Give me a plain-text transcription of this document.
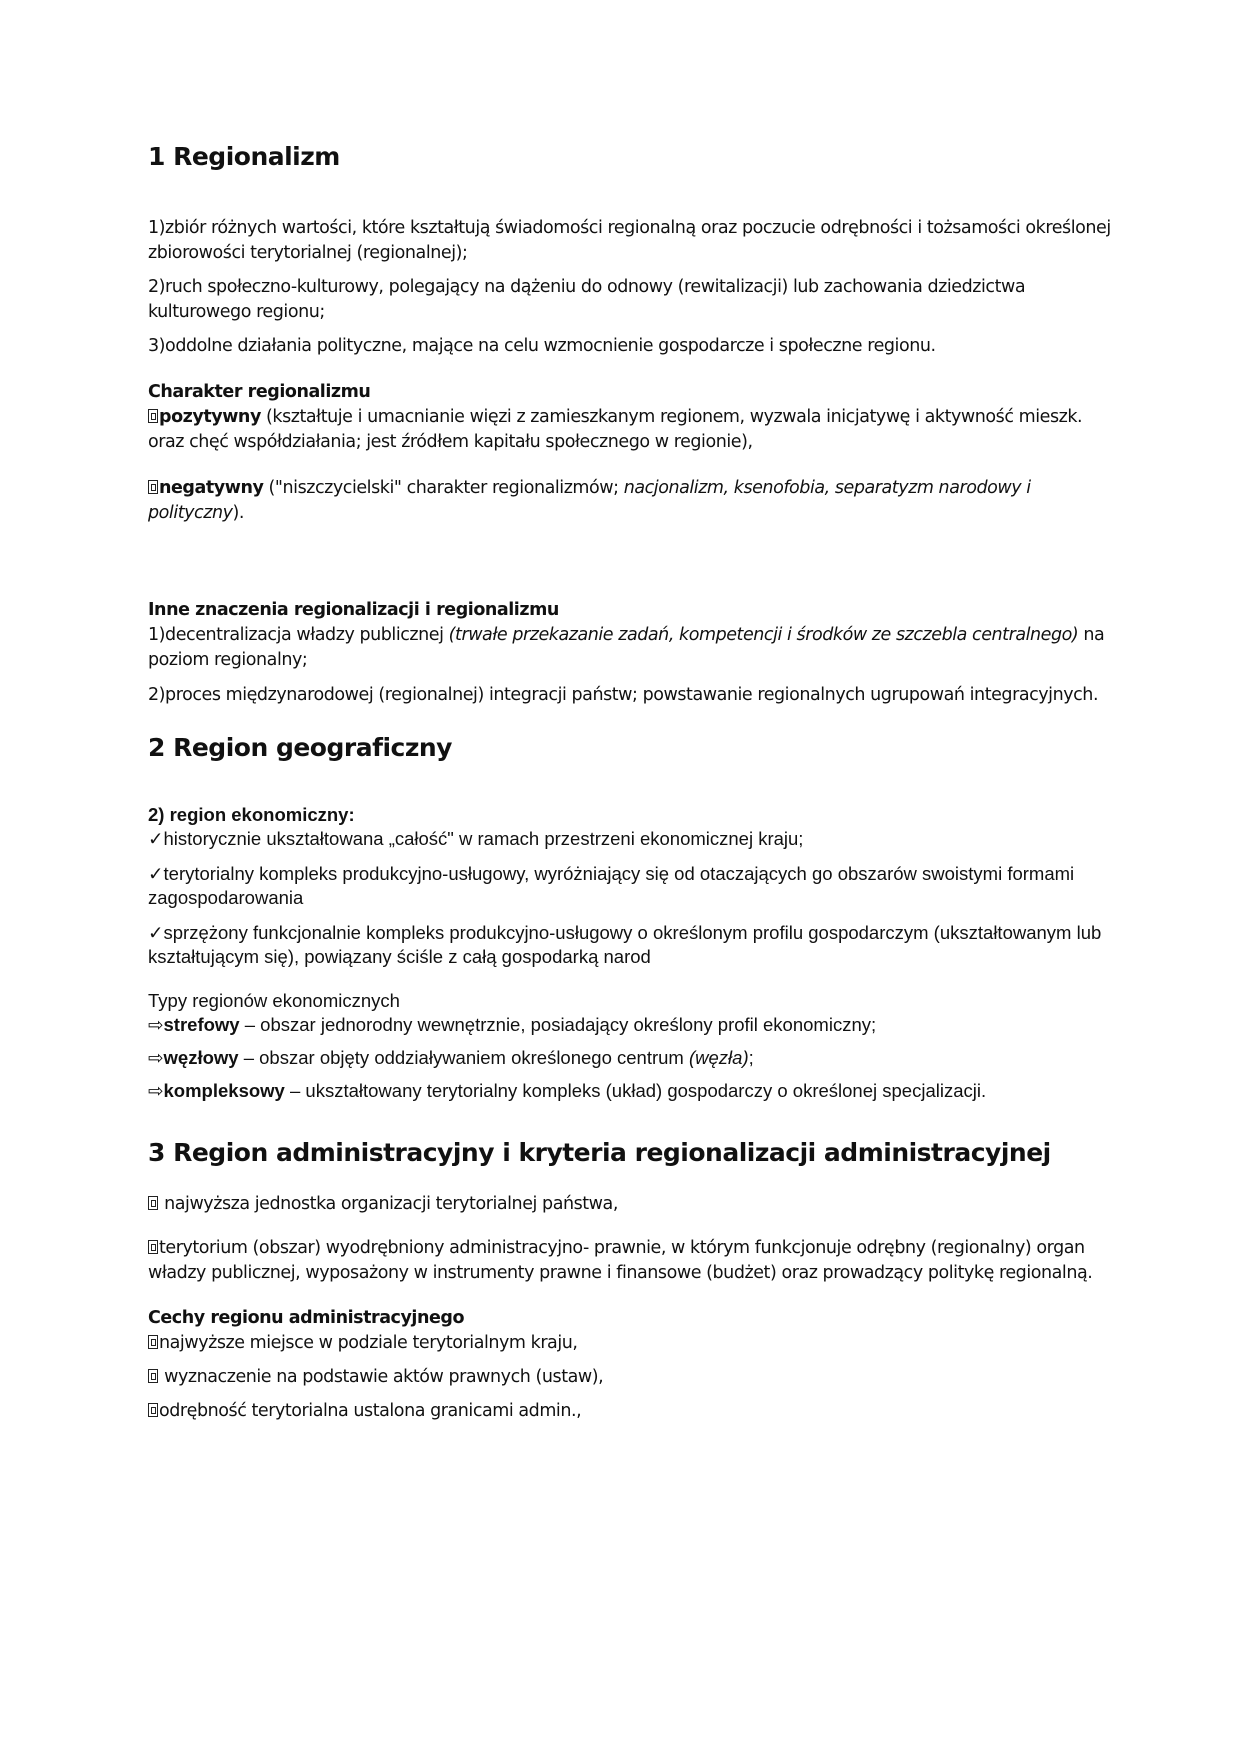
1 Regionalizm

1)zbiór różnych wartości, które kształtują świadomości regionalną oraz poczucie odrębności i tożsamości określonej zbiorowości terytorialnej (regionalnej);

2)ruch społeczno-kulturowy, polegający na dążeniu do odnowy (rewitalizacji) lub zachowania dziedzictwa kulturowego regionu;

3)oddolne działania polityczne, mające na celu wzmocnienie gospodarcze i społeczne regionu.

Charakter regionalizmu

pozytywny (kształtuje i umacnianie więzi z zamieszkanym regionem, wyzwala inicjatywę i aktywność mieszk. oraz chęć współdziałania; jest źródłem kapitału społecznego w regionie),

negatywny ("niszczycielski" charakter regionalizmów; nacjonalizm, ksenofobia, separatyzm narodowy i polityczny).

Inne znaczenia regionalizacji i regionalizmu

1)decentralizacja władzy publicznej (trwałe przekazanie zadań, kompetencji i środków ze szczebla centralnego) na poziom regionalny;

2)proces międzynarodowej (regionalnej) integracji państw; powstawanie regionalnych ugrupowań integracyjnych.

2 Region geograficzny

2) region ekonomiczny:

✓historycznie ukształtowana „całość" w ramach przestrzeni ekonomicznej kraju;

✓terytorialny kompleks produkcyjno-usługowy, wyróżniający się od otaczających go obszarów swoistymi formami zagospodarowania

✓sprzężony funkcjonalnie kompleks produkcyjno-usługowy o określonym profilu gospodarczym (ukształtowanym lub kształtującym się), powiązany ściśle z całą gospodarką narod

Typy regionów ekonomicznych

⇨strefowy – obszar jednorodny wewnętrznie, posiadający określony profil ekonomiczny;

⇨węzłowy – obszar objęty oddziaływaniem określonego centrum (węzła);

⇨kompleksowy – ukształtowany terytorialny kompleks (układ) gospodarczy o określonej specjalizacji.

3 Region administracyjny i kryteria regionalizacji administracyjnej

najwyższa jednostka organizacji terytorialnej państwa,

terytorium (obszar) wyodrębniony administracyjno- prawnie, w którym funkcjonuje odrębny (regionalny) organ władzy publicznej, wyposażony w instrumenty prawne i finansowe (budżet) oraz prowadzący politykę regionalną.

Cechy regionu administracyjnego

najwyższe miejsce w podziale terytorialnym kraju,

wyznaczenie na podstawie aktów prawnych (ustaw),

odrębność terytorialna ustalona granicami admin.,
